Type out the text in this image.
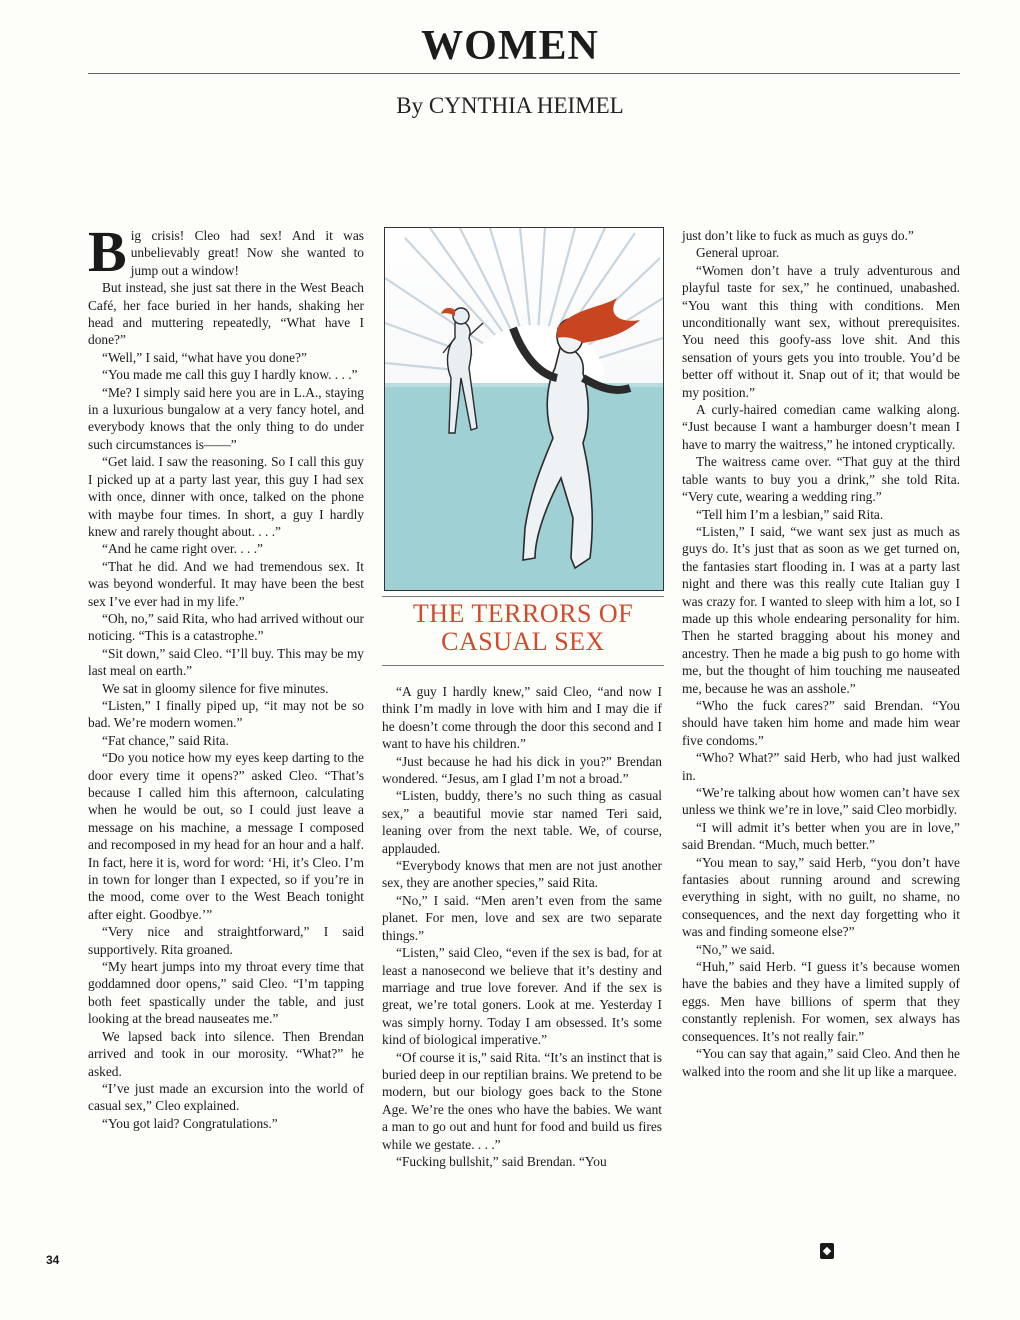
WOMEN
By CYNTHIA HEIMEL

Big crisis! Cleo had sex! And it was unbelievably great! Now she wanted to jump out a window!

But instead, she just sat there in the West Beach Café, her face buried in her hands, shaking her head and muttering repeatedly, “What have I done?”

“Well,” I said, “what have you done?”

“You made me call this guy I hardly know. . . .”

“Me? I simply said here you are in L.A., staying in a luxurious bungalow at a very fancy hotel, and everybody knows that the only thing to do under such circumstances is——”

“Get laid. I saw the reasoning. So I call this guy I picked up at a party last year, this guy I had sex with once, dinner with once, talked on the phone with maybe four times. In short, a guy I hardly knew and rarely thought about. . . .”

“And he came right over. . . .”

“That he did. And we had tremendous sex. It was beyond wonderful. It may have been the best sex I’ve ever had in my life.”

“Oh, no,” said Rita, who had arrived without our noticing. “This is a catastrophe.”

“Sit down,” said Cleo. “I’ll buy. This may be my last meal on earth.”

We sat in gloomy silence for five minutes.

“Listen,” I finally piped up, “it may not be so bad. We’re modern women.”

“Fat chance,” said Rita.

“Do you notice how my eyes keep darting to the door every time it opens?” asked Cleo. “That’s because I called him this afternoon, calculating when he would be out, so I could just leave a message on his machine, a message I composed and recomposed in my head for an hour and a half. In fact, here it is, word for word: ‘Hi, it’s Cleo. I’m in town for longer than I expected, so if you’re in the mood, come over to the West Beach tonight after eight. Goodbye.’”

“Very nice and straightforward,” I said supportively. Rita groaned.

“My heart jumps into my throat every time that goddamned door opens,” said Cleo. “I’m tapping both feet spastically under the table, and just looking at the bread nauseates me.”

We lapsed back into silence. Then Brendan arrived and took in our morosity. “What?” he asked.

“I’ve just made an excursion into the world of casual sex,” Cleo explained.

“You got laid? Congratulations.”

THE TERRORS OF
CASUAL SEX

“A guy I hardly knew,” said Cleo, “and now I think I’m madly in love with him and I may die if he doesn’t come through the door this second and I want to have his children.”

“Just because he had his dick in you?” Brendan wondered. “Jesus, am I glad I’m not a broad.”

“Listen, buddy, there’s no such thing as casual sex,” a beautiful movie star named Teri said, leaning over from the next table. We, of course, applauded.

“Everybody knows that men are not just another sex, they are another species,” said Rita.

“No,” I said. “Men aren’t even from the same planet. For men, love and sex are two separate things.”

“Listen,” said Cleo, “even if the sex is bad, for at least a nanosecond we believe that it’s destiny and marriage and true love forever. And if the sex is great, we’re total goners. Look at me. Yesterday I was simply horny. Today I am obsessed. It’s some kind of biological imperative.”

“Of course it is,” said Rita. “It’s an instinct that is buried deep in our reptilian brains. We pretend to be modern, but our biology goes back to the Stone Age. We’re the ones who have the babies. We want a man to go out and hunt for food and build us fires while we gestate. . . .”

“Fucking bullshit,” said Brendan. “You

just don’t like to fuck as much as guys do.”

General uproar.

“Women don’t have a truly adventurous and playful taste for sex,” he continued, unabashed. “You want this thing with conditions. Men unconditionally want sex, without prerequisites. You need this goofy-ass love shit. And this sensation of yours gets you into trouble. You’d be better off without it. Snap out of it; that would be my position.”

A curly-haired comedian came walking along. “Just because I want a hamburger doesn’t mean I have to marry the waitress,” he intoned cryptically.

The waitress came over. “That guy at the third table wants to buy you a drink,” she told Rita. “Very cute, wearing a wedding ring.”

“Tell him I’m a lesbian,” said Rita.

“Listen,” I said, “we want sex just as much as guys do. It’s just that as soon as we get turned on, the fantasies start flooding in. I was at a party last night and there was this really cute Italian guy I was crazy for. I wanted to sleep with him a lot, so I made up this whole endearing personality for him. Then he started bragging about his money and ancestry. Then he made a big push to go home with me, but the thought of him touching me nauseated me, because he was an asshole.”

“Who the fuck cares?” said Brendan. “You should have taken him home and made him wear five condoms.”

“Who? What?” said Herb, who had just walked in.

“We’re talking about how women can’t have sex unless we think we’re in love,” said Cleo morbidly.

“I will admit it’s better when you are in love,” said Brendan. “Much, much better.”

“You mean to say,” said Herb, “you don’t have fantasies about running around and screwing everything in sight, with no guilt, no shame, no consequences, and the next day forgetting who it was and finding someone else?”

“No,” we said.

“Huh,” said Herb. “I guess it’s because women have the babies and they have a limited supply of eggs. Men have billions of sperm that they constantly replenish. For women, sex always has consequences. It’s not really fair.”

“You can say that again,” said Cleo. And then he walked into the room and she lit up like a marquee.

◆
34
